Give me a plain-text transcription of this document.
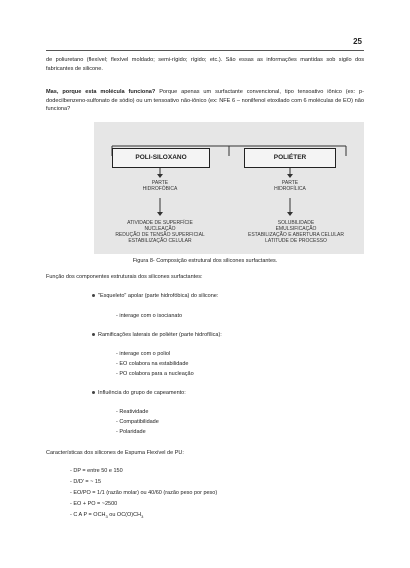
25
de poliuretano (flexível; flexível moldado; semi-rígido; rígido; etc.). São essas as informações mantidas sob sigilo dos fabricantes de silicone.
Mas, porque esta molécula funciona? Porque apenas um surfactante convencional, tipo tensoativo iônico (ex: p-dodecilbenzeno-sulfonato de sódio) ou um tensoativo não-iônico (ex: NFE 6 – nonilfenol etoxilado com 6 moléculas de EO) não funciona?
POLI-SILOXANO	POLIÉTER
PARTE
HIDROFÓBICA
PARTE
HIDROFÍLICA
ATIVIDADE DE SUPERFÍCIE
NUCLEAÇÃO
REDUÇÃO DE TENSÃO SUPERFICIAL
ESTABILIZAÇÃO CELULAR
SOLUBILIDADE
EMULSIFICAÇÃO
ESTABILIZAÇÃO E ABERTURA CELULAR
LATITUDE DE PROCESSO
Figura 8- Composição estrutural dos silicones surfactantes.
Função dos componentes estruturais dos silicones surfactantes:
"Esqueleto" apolar (parte hidrofóbica) do silicone:
- interage com o isocianato
Ramificações laterais de poliéter (parte hidrofílica):
- interage com o poliol
- EO colabora na estabilidade
- PO colabora para a nucleação
Influência do grupo de capeamento:
- Reatividade
- Compatibilidade
- Polaridade
Características dos silicones de Espuma Flexível de PU:
- DP = entre 50 e 150
- D/D' = ~ 15
- EO/PO = 1/1 (razão molar) ou 40/60 (razão peso por peso)
- EO + PO = ~2500
- C A $P = OCH_3$ ou $OC(O)CH_3$
